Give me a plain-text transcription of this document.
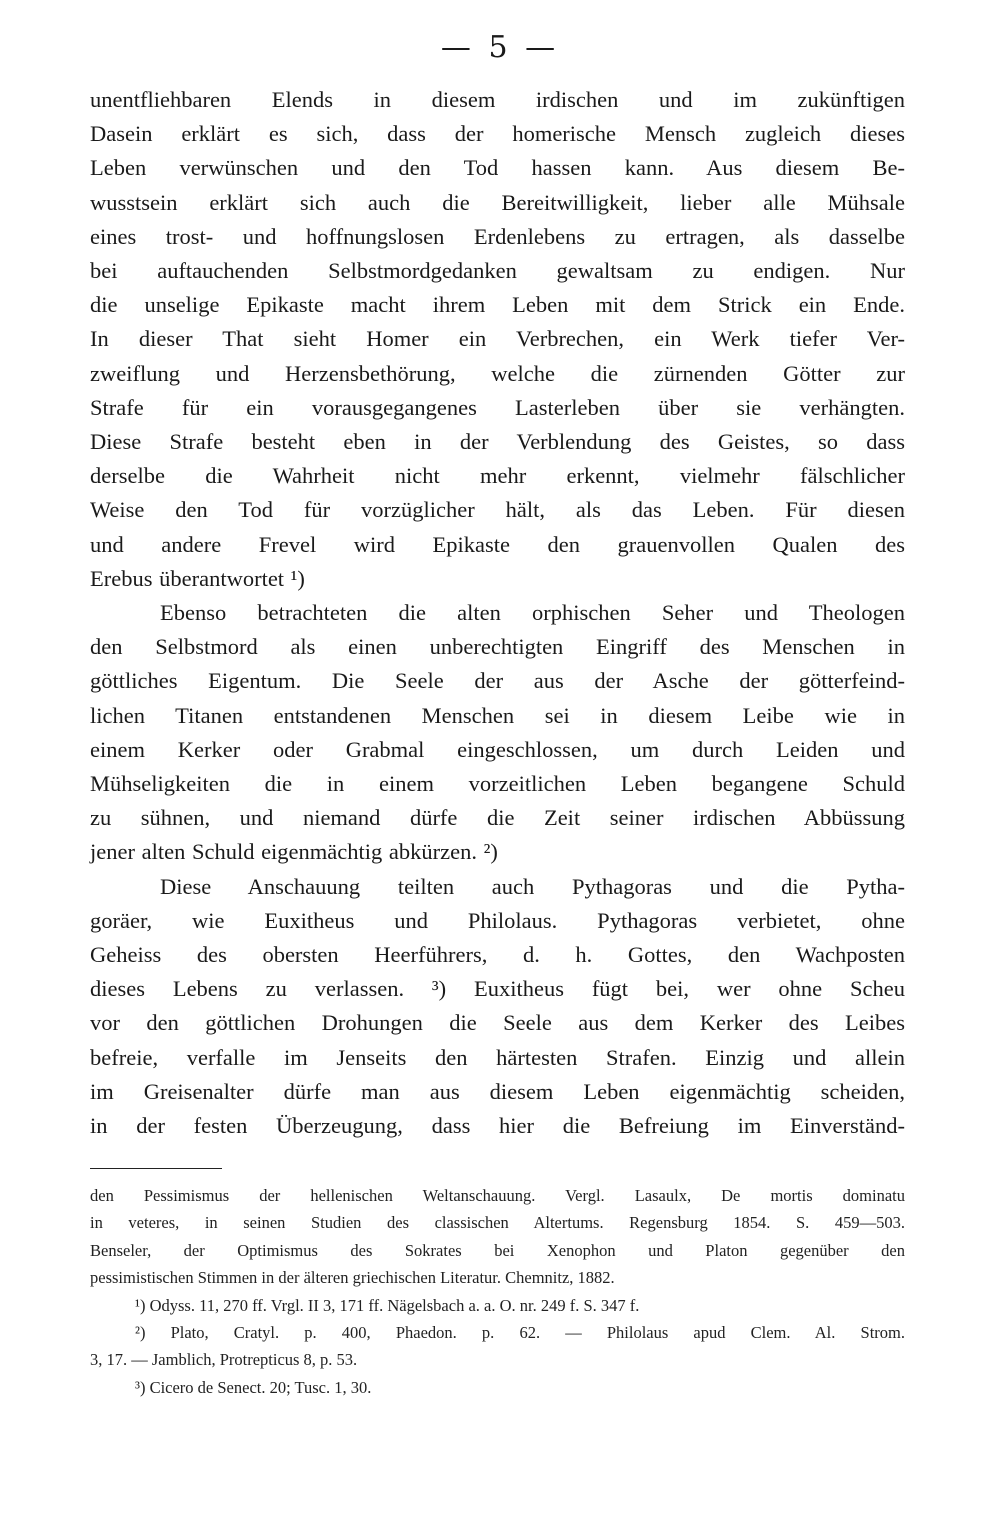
— 5 —

unentfliehbaren Elends in diesem irdischen und im zukünftigen
Dasein erklärt es sich, dass der homerische Mensch zugleich dieses
Leben verwünschen und den Tod hassen kann. Aus diesem Be-
wusstsein erklärt sich auch die Bereitwilligkeit, lieber alle Mühsale
eines trost- und hoffnungslosen Erdenlebens zu ertragen, als dasselbe
bei auftauchenden Selbstmordgedanken gewaltsam zu endigen. Nur
die unselige Epikaste macht ihrem Leben mit dem Strick ein Ende.
In dieser That sieht Homer ein Verbrechen, ein Werk tiefer Ver-
zweiflung und Herzensbethörung, welche die zürnenden Götter zur
Strafe für ein vorausgegangenes Lasterleben über sie verhängten.
Diese Strafe besteht eben in der Verblendung des Geistes, so dass
derselbe die Wahrheit nicht mehr erkennt, vielmehr fälschlicher
Weise den Tod für vorzüglicher hält, als das Leben. Für diesen
und andere Frevel wird Epikaste den grauenvollen Qualen des
Erebus überantwortet ¹)

Ebenso betrachteten die alten orphischen Seher und Theologen
den Selbstmord als einen unberechtigten Eingriff des Menschen in
göttliches Eigentum. Die Seele der aus der Asche der götterfeind-
lichen Titanen entstandenen Menschen sei in diesem Leibe wie in
einem Kerker oder Grabmal eingeschlossen, um durch Leiden und
Mühseligkeiten die in einem vorzeitlichen Leben begangene Schuld
zu sühnen, und niemand dürfe die Zeit seiner irdischen Abbüssung
jener alten Schuld eigenmächtig abkürzen. ²)

Diese Anschauung teilten auch Pythagoras und die Pytha-
goräer, wie Euxitheus und Philolaus. Pythagoras verbietet, ohne
Geheiss des obersten Heerführers, d. h. Gottes, den Wachposten
dieses Lebens zu verlassen. ³) Euxitheus fügt bei, wer ohne Scheu
vor den göttlichen Drohungen die Seele aus dem Kerker des Leibes
befreie, verfalle im Jenseits den härtesten Strafen. Einzig und allein
im Greisenalter dürfe man aus diesem Leben eigenmächtig scheiden,
in der festen Überzeugung, dass hier die Befreiung im Einverständ-

den Pessimismus der hellenischen Weltanschauung. Vergl. Lasaulx, De mortis dominatu
in veteres, in seinen Studien des classischen Altertums. Regensburg 1854. S. 459—503.
Benseler, der Optimismus des Sokrates bei Xenophon und Platon gegenüber den
pessimistischen Stimmen in der älteren griechischen Literatur. Chemnitz, 1882.
¹) Odyss. 11, 270 ff. Vrgl. II 3, 171 ff. Nägelsbach a. a. O. nr. 249 f. S. 347 f.
²) Plato, Cratyl. p. 400, Phaedon. p. 62. — Philolaus apud Clem. Al. Strom.
3, 17. — Jamblich, Protrepticus 8, p. 53.
³) Cicero de Senect. 20; Tusc. 1, 30.
